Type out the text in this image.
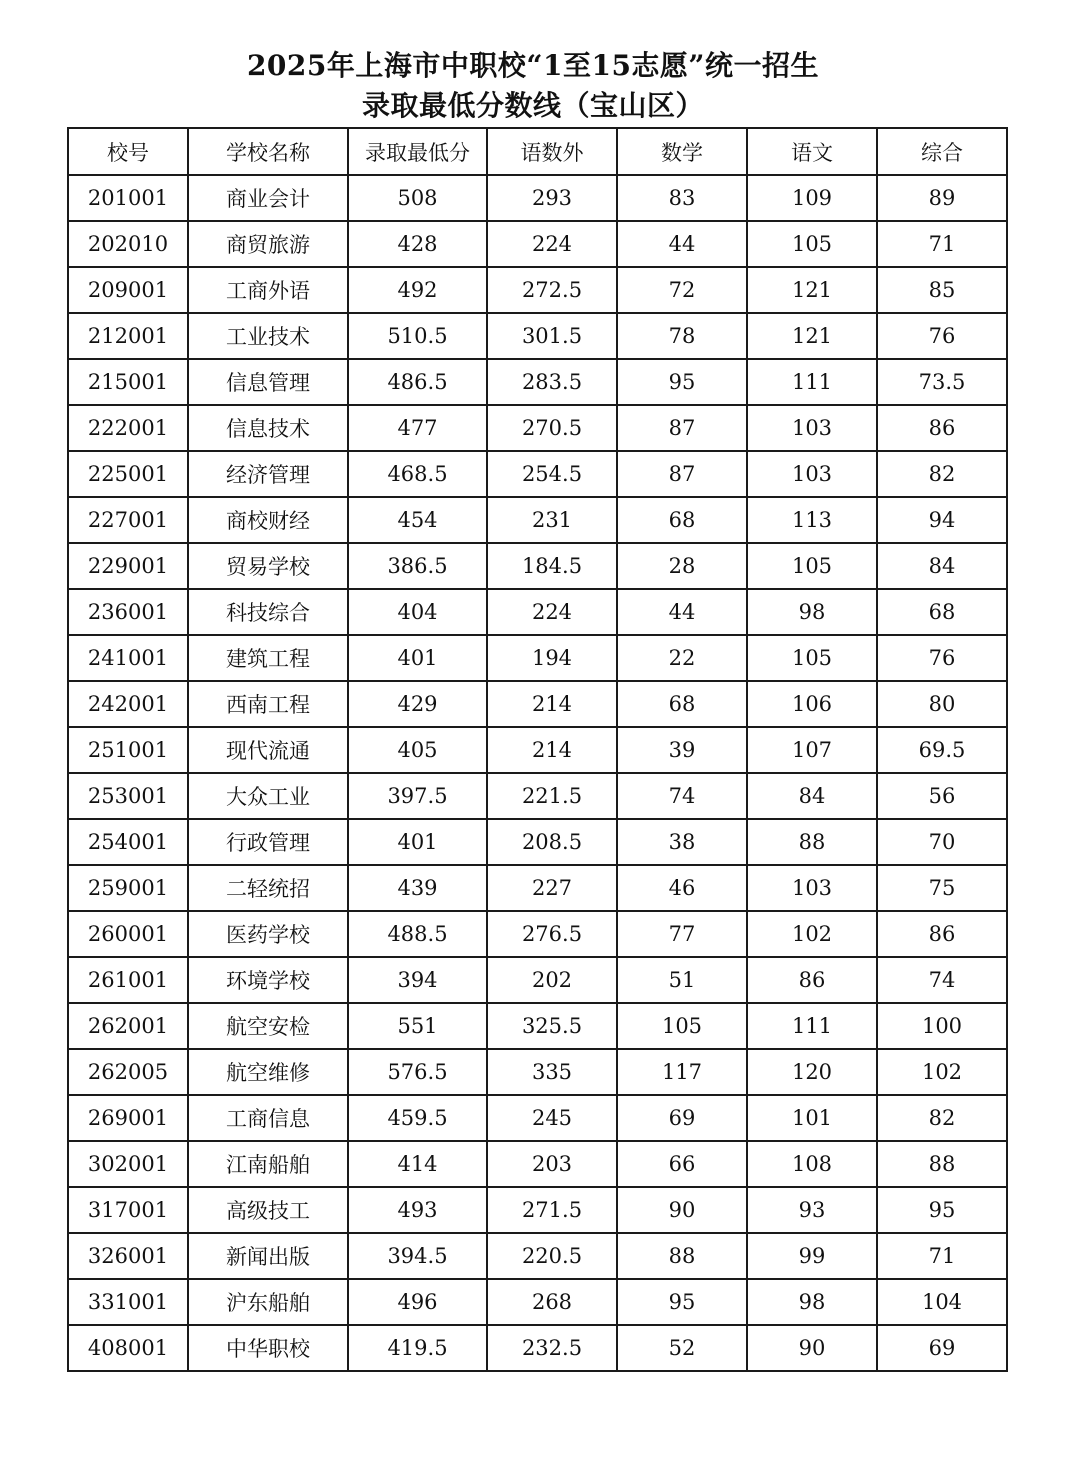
2025年上海市中职校“1至15志愿”统一招生
录取最低分数线（宝山区）
校号	学校名称	录取最低分	语数外	数学	语文	综合
201001	商业会计	508	293	83	109	89
202010	商贸旅游	428	224	44	105	71
209001	工商外语	492	272.5	72	121	85
212001	工业技术	510.5	301.5	78	121	76
215001	信息管理	486.5	283.5	95	111	73.5
222001	信息技术	477	270.5	87	103	86
225001	经济管理	468.5	254.5	87	103	82
227001	商校财经	454	231	68	113	94
229001	贸易学校	386.5	184.5	28	105	84
236001	科技综合	404	224	44	98	68
241001	建筑工程	401	194	22	105	76
242001	西南工程	429	214	68	106	80
251001	现代流通	405	214	39	107	69.5
253001	大众工业	397.5	221.5	74	84	56
254001	行政管理	401	208.5	38	88	70
259001	二轻统招	439	227	46	103	75
260001	医药学校	488.5	276.5	77	102	86
261001	环境学校	394	202	51	86	74
262001	航空安检	551	325.5	105	111	100
262005	航空维修	576.5	335	117	120	102
269001	工商信息	459.5	245	69	101	82
302001	江南船舶	414	203	66	108	88
317001	高级技工	493	271.5	90	93	95
326001	新闻出版	394.5	220.5	88	99	71
331001	沪东船舶	496	268	95	98	104
408001	中华职校	419.5	232.5	52	90	69
